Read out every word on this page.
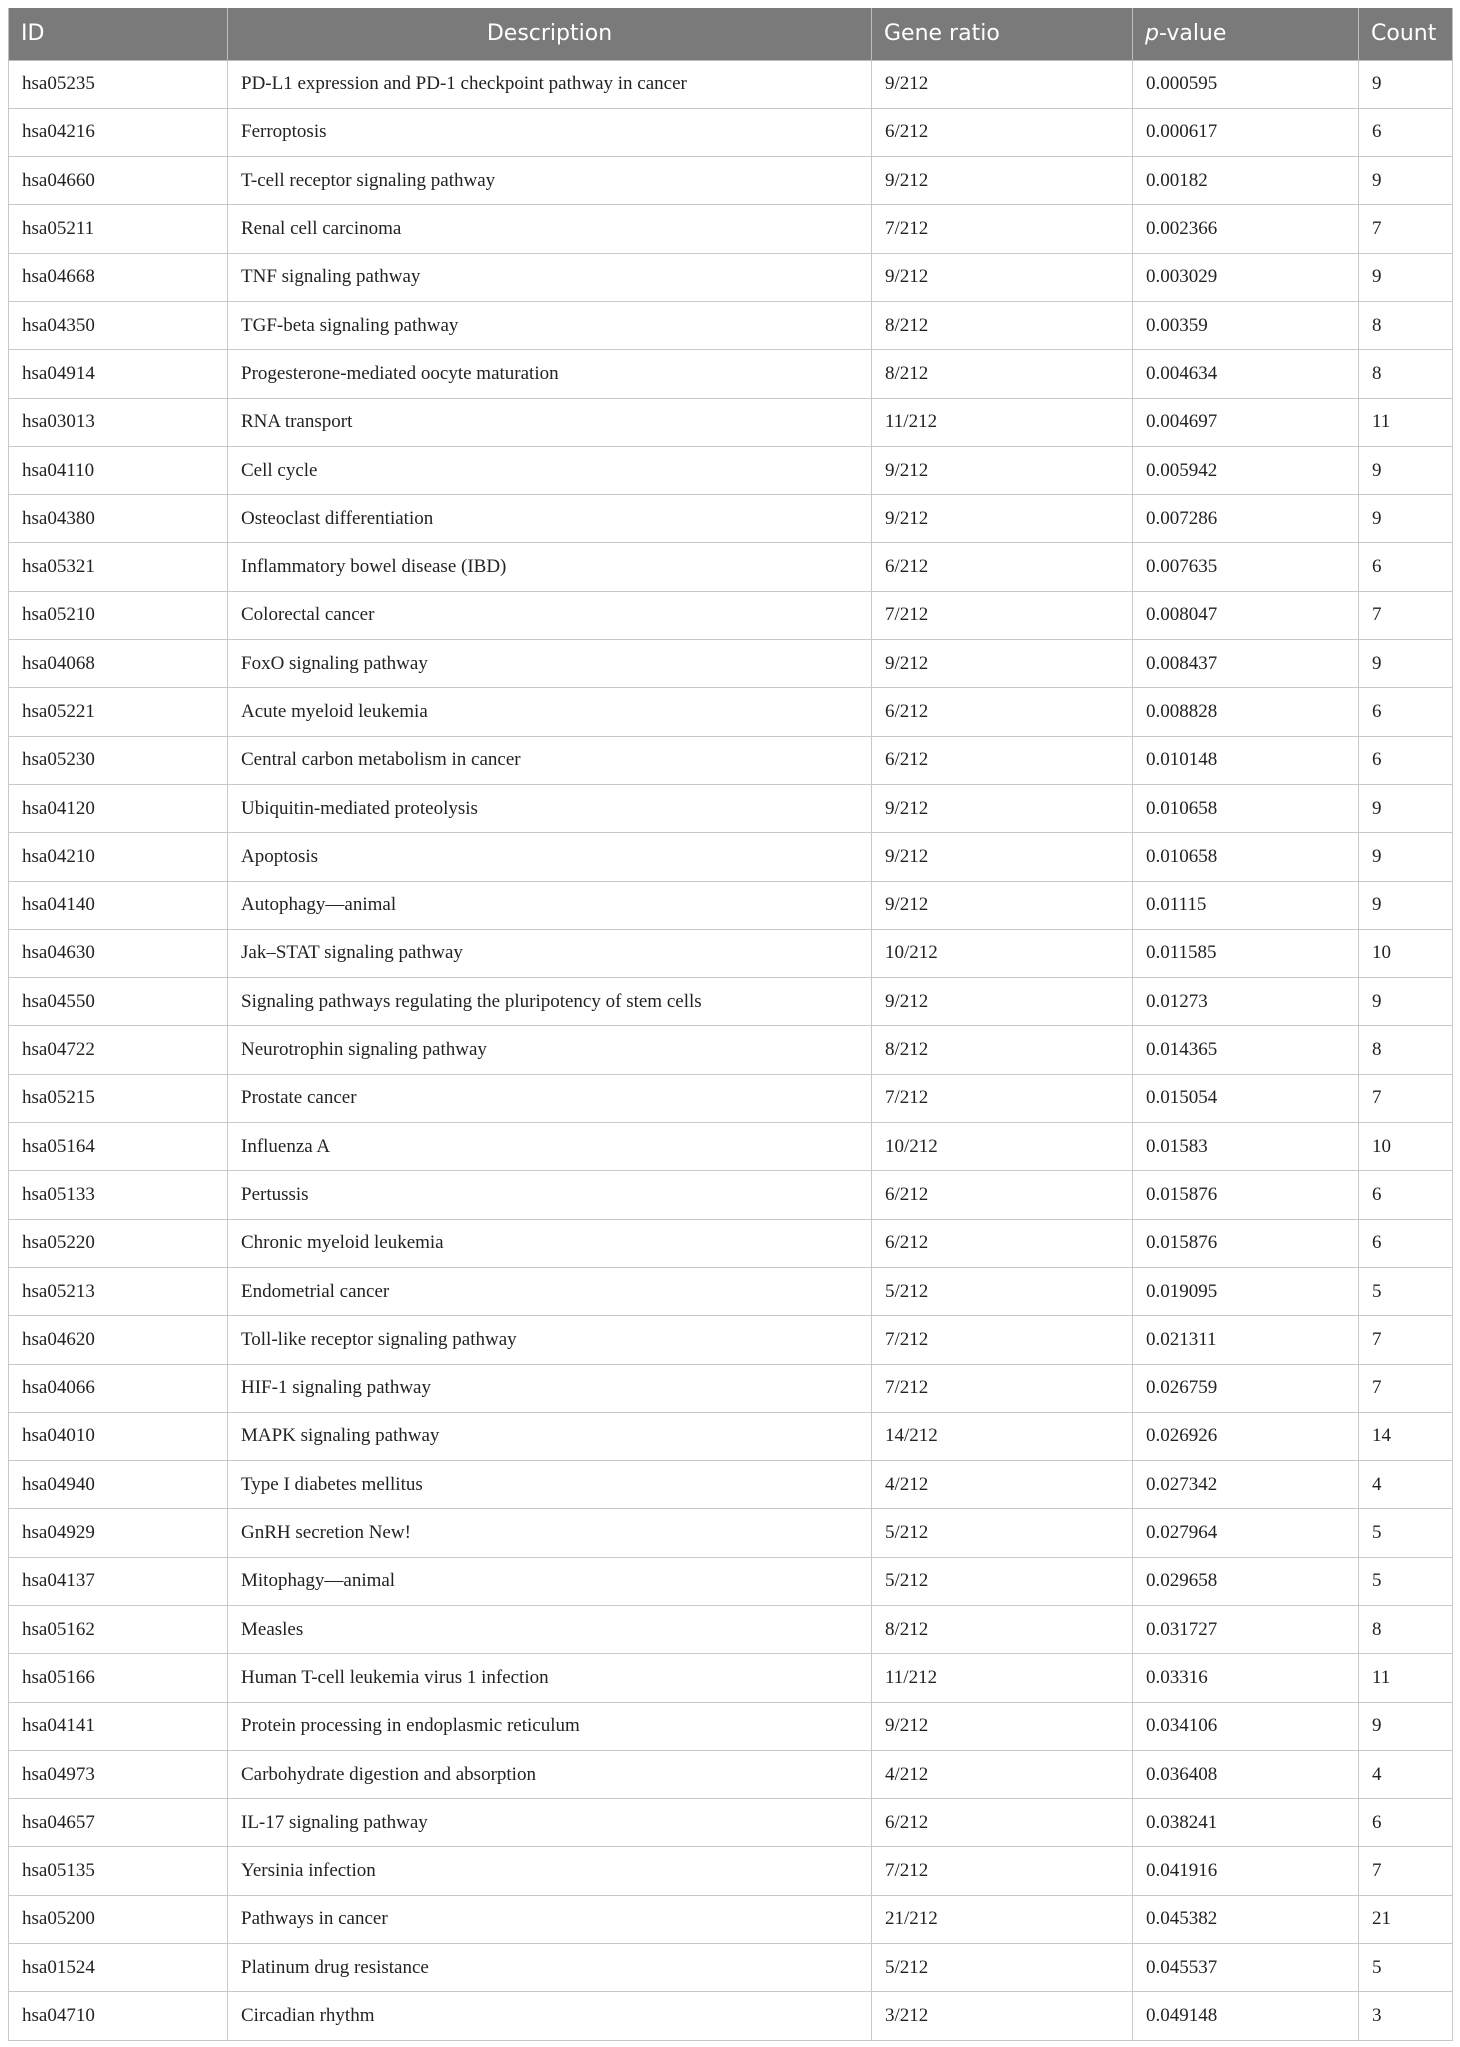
ID	Description	Gene ratio	p-value	Count
hsa05235	PD-L1 expression and PD-1 checkpoint pathway in cancer	9/212	0.000595	9
hsa04216	Ferroptosis	6/212	0.000617	6
hsa04660	T-cell receptor signaling pathway	9/212	0.00182	9
hsa05211	Renal cell carcinoma	7/212	0.002366	7
hsa04668	TNF signaling pathway	9/212	0.003029	9
hsa04350	TGF-beta signaling pathway	8/212	0.00359	8
hsa04914	Progesterone-mediated oocyte maturation	8/212	0.004634	8
hsa03013	RNA transport	11/212	0.004697	11
hsa04110	Cell cycle	9/212	0.005942	9
hsa04380	Osteoclast differentiation	9/212	0.007286	9
hsa05321	Inflammatory bowel disease (IBD)	6/212	0.007635	6
hsa05210	Colorectal cancer	7/212	0.008047	7
hsa04068	FoxO signaling pathway	9/212	0.008437	9
hsa05221	Acute myeloid leukemia	6/212	0.008828	6
hsa05230	Central carbon metabolism in cancer	6/212	0.010148	6
hsa04120	Ubiquitin-mediated proteolysis	9/212	0.010658	9
hsa04210	Apoptosis	9/212	0.010658	9
hsa04140	Autophagy—animal	9/212	0.01115	9
hsa04630	Jak–STAT signaling pathway	10/212	0.011585	10
hsa04550	Signaling pathways regulating the pluripotency of stem cells	9/212	0.01273	9
hsa04722	Neurotrophin signaling pathway	8/212	0.014365	8
hsa05215	Prostate cancer	7/212	0.015054	7
hsa05164	Influenza A	10/212	0.01583	10
hsa05133	Pertussis	6/212	0.015876	6
hsa05220	Chronic myeloid leukemia	6/212	0.015876	6
hsa05213	Endometrial cancer	5/212	0.019095	5
hsa04620	Toll-like receptor signaling pathway	7/212	0.021311	7
hsa04066	HIF-1 signaling pathway	7/212	0.026759	7
hsa04010	MAPK signaling pathway	14/212	0.026926	14
hsa04940	Type I diabetes mellitus	4/212	0.027342	4
hsa04929	GnRH secretion New!	5/212	0.027964	5
hsa04137	Mitophagy—animal	5/212	0.029658	5
hsa05162	Measles	8/212	0.031727	8
hsa05166	Human T-cell leukemia virus 1 infection	11/212	0.03316	11
hsa04141	Protein processing in endoplasmic reticulum	9/212	0.034106	9
hsa04973	Carbohydrate digestion and absorption	4/212	0.036408	4
hsa04657	IL-17 signaling pathway	6/212	0.038241	6
hsa05135	Yersinia infection	7/212	0.041916	7
hsa05200	Pathways in cancer	21/212	0.045382	21
hsa01524	Platinum drug resistance	5/212	0.045537	5
hsa04710	Circadian rhythm	3/212	0.049148	3
